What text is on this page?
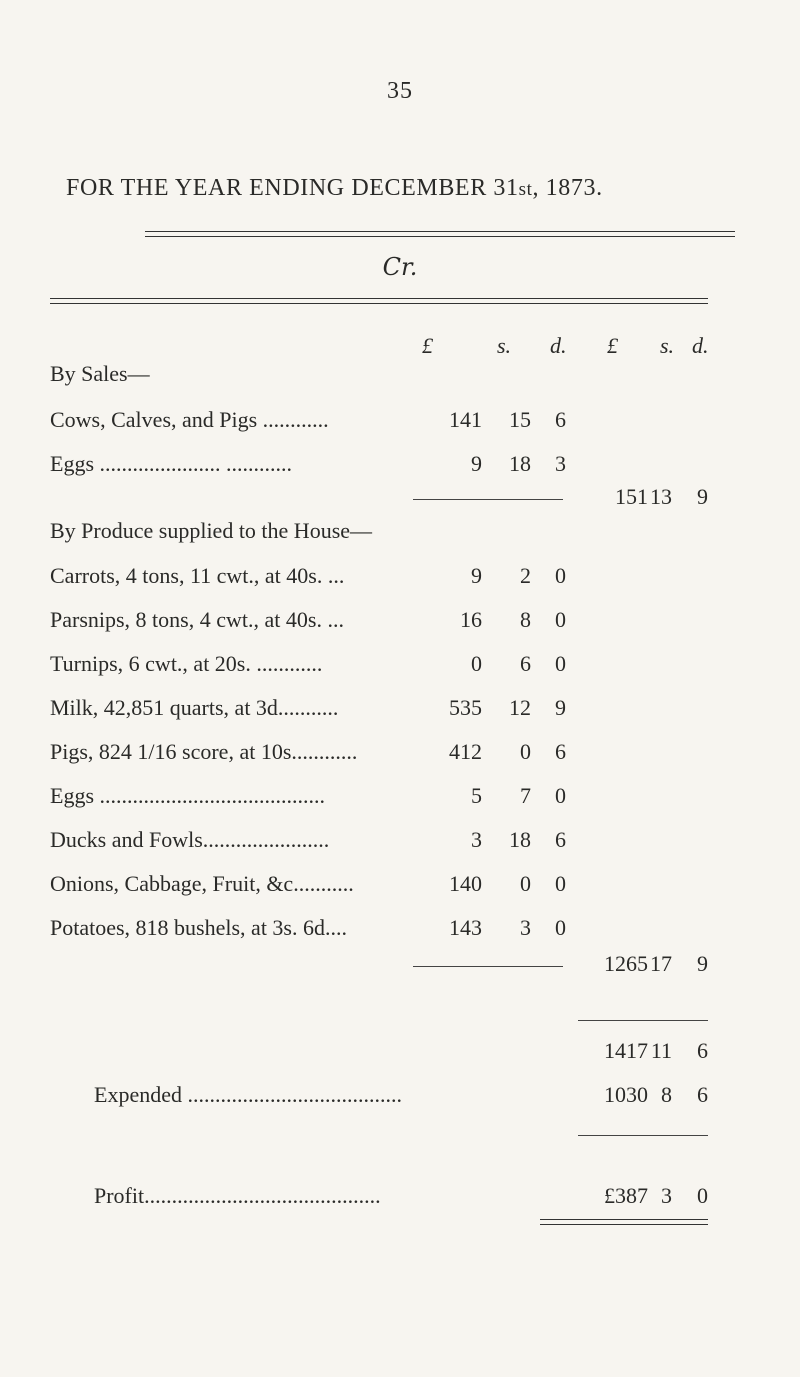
35
FOR THE YEAR ENDING DECEMBER 31st, 1873.
Cr.
£	s. d. £ s. d.
By Sales—
Cows, Calves, and Pigs ............	141	15	6
Eggs ...................... ............	9	18	3
151 13	9
By Produce supplied to the House—
Carrots, 4 tons, 11 cwt., at 40s. ...	9	2	0
Parsnips, 8 tons, 4 cwt., at 40s. ...	16	8	0
Turnips, 6 cwt., at 20s. ............	0	6	0
Milk, 42,851 quarts, at 3d...........	535	12	9
Pigs, 824 1/16 score, at 10s............	412	0	6
Eggs .........................................	5	7	0
Ducks and Fowls.......................	3	18	6
Onions, Cabbage, Fruit, &c...........	140	0	0
Potatoes, 818 bushels, at 3s. 6d....	143	3	0
1265 17	9
1417 11	6
Expended .......................................	1030 8	6
Profit...........................................	£387 3	0
